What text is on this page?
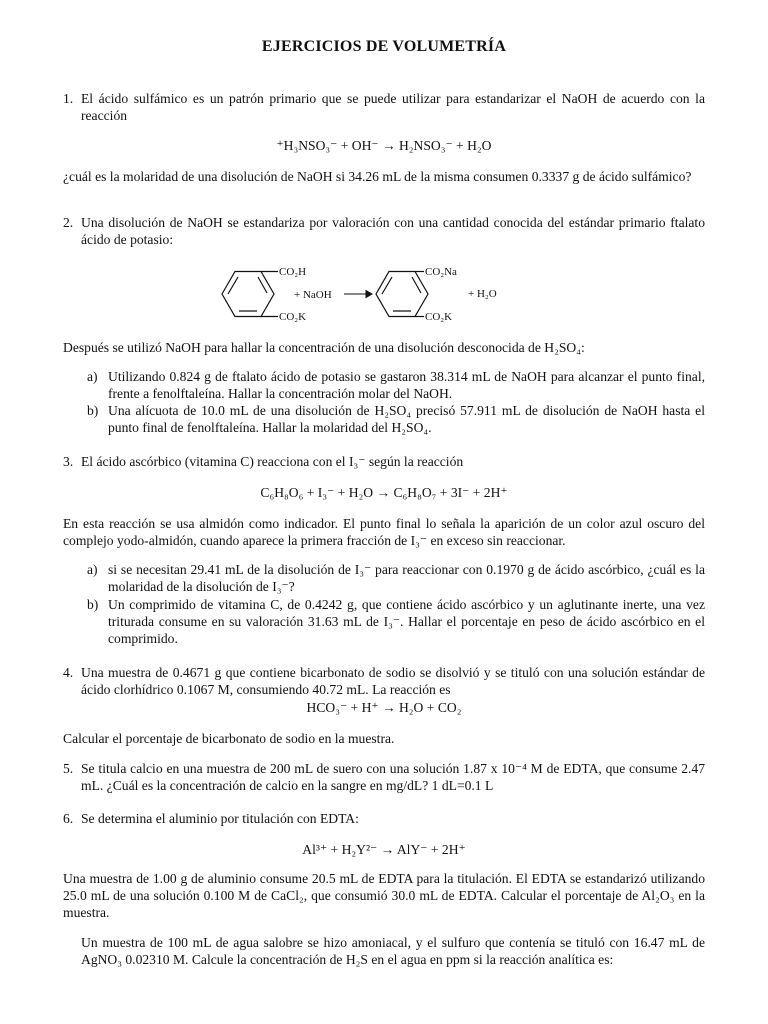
EJERCICIOS DE VOLUMETRÍA
1. El ácido sulfámico es un patrón primario que se puede utilizar para estandarizar el NaOH de acuerdo con la reacción
⁺H₃NSO₃⁻ + OH⁻ → H₂NSO₃⁻ + H₂O
¿cuál es la molaridad de una disolución de NaOH si 34.26 mL de la misma consumen 0.3337 g de ácido sulfámico?
2. Una disolución de NaOH se estandariza por valoración con una cantidad conocida del estándar primario ftalato ácido de potasio:
CO₂H
CO₂K
+ NaOH
CO₂Na
CO₂K
+ H₂O
Después se utilizó NaOH para hallar la concentración de una disolución desconocida de H₂SO₄:
a) Utilizando 0.824 g de ftalato ácido de potasio se gastaron 38.314 mL de NaOH para alcanzar el punto final, frente a fenolftaleína. Hallar la concentración molar del NaOH.
b) Una alícuota de 10.0 mL de una disolución de H₂SO₄ precisó 57.911 mL de disolución de NaOH hasta el punto final de fenolftaleína. Hallar la molaridad del H₂SO₄.
3. El ácido ascórbico (vitamina C) reacciona con el I₃⁻ según la reacción
C₆H₈O₆ + I₃⁻ + H₂O → C₆H₈O₇ + 3I⁻ + 2H⁺
En esta reacción se usa almidón como indicador. El punto final lo señala la aparición de un color azul oscuro del complejo yodo-almidón, cuando aparece la primera fracción de I₃⁻ en exceso sin reaccionar.
a) si se necesitan 29.41 mL de la disolución de I₃⁻ para reaccionar con 0.1970 g de ácido ascórbico, ¿cuál es la molaridad de la disolución de I₃⁻?
b) Un comprimido de vitamina C, de 0.4242 g, que contiene ácido ascórbico y un aglutinante inerte, una vez triturada consume en su valoración 31.63 mL de I₃⁻. Hallar el porcentaje en peso de ácido ascórbico en el comprimido.
4. Una muestra de 0.4671 g que contiene bicarbonato de sodio se disolvió y se tituló con una solución estándar de ácido clorhídrico 0.1067 M, consumiendo 40.72 mL. La reacción es
HCO₃⁻ + H⁺ → H₂O + CO₂
Calcular el porcentaje de bicarbonato de sodio en la muestra.
5. Se titula calcio en una muestra de 200 mL de suero con una solución 1.87 x 10⁻⁴ M de EDTA, que consume 2.47 mL. ¿Cuál es la concentración de calcio en la sangre en mg/dL? 1 dL=0.1 L
6. Se determina el aluminio por titulación con EDTA:
Al³⁺ + H₂Y²⁻ → AlY⁻ + 2H⁺
Una muestra de 1.00 g de aluminio consume 20.5 mL de EDTA para la titulación. El EDTA se estandarizó utilizando 25.0 mL de una solución 0.100 M de CaCl₂, que consumió 30.0 mL de EDTA. Calcular el porcentaje de Al₂O₃ en la muestra.
Un muestra de 100 mL de agua salobre se hizo amoniacal, y el sulfuro que contenía se tituló con 16.47 mL de AgNO₃ 0.02310 M. Calcule la concentración de H₂S en el agua en ppm si la reacción analítica es:
